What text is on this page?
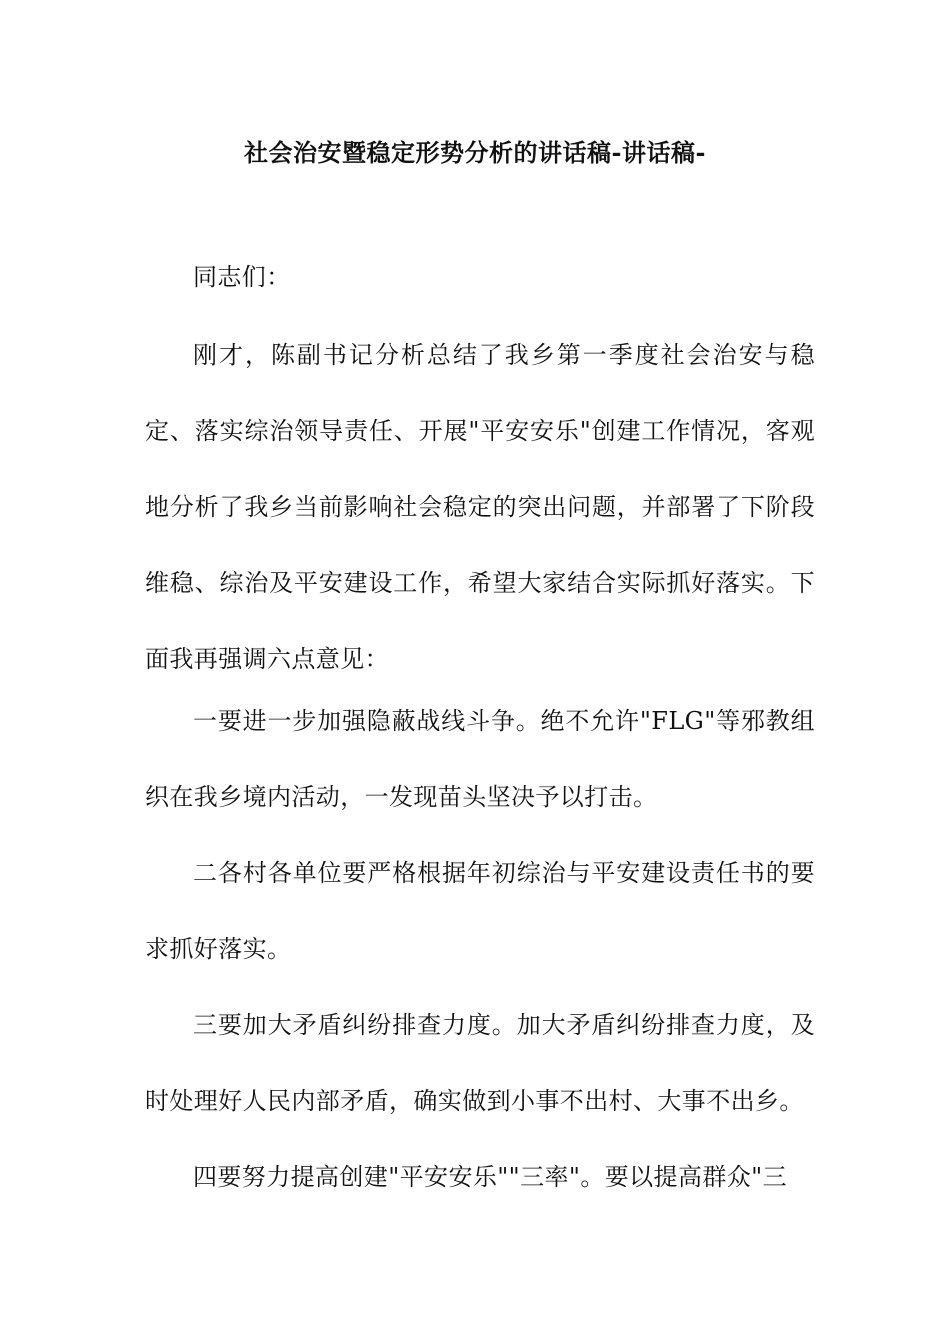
社会治安暨稳定形势分析的讲话稿-讲话稿-

同志们：

刚才，陈副书记分析总结了我乡第一季度社会治安与稳定、落实综治领导责任、开展"平安安乐"创建工作情况，客观地分析了我乡当前影响社会稳定的突出问题，并部署了下阶段维稳、综治及平安建设工作，希望大家结合实际抓好落实。下面我再强调六点意见：

一要进一步加强隐蔽战线斗争。绝不允许"FLG"等邪教组织在我乡境内活动，一发现苗头坚决予以打击。

二各村各单位要严格根据年初综治与平安建设责任书的要求抓好落实。

三要加大矛盾纠纷排查力度。加大矛盾纠纷排查力度，及时处理好人民内部矛盾，确实做到小事不出村、大事不出乡。

四要努力提高创建"平安安乐""三率"。要以提高群众"三
